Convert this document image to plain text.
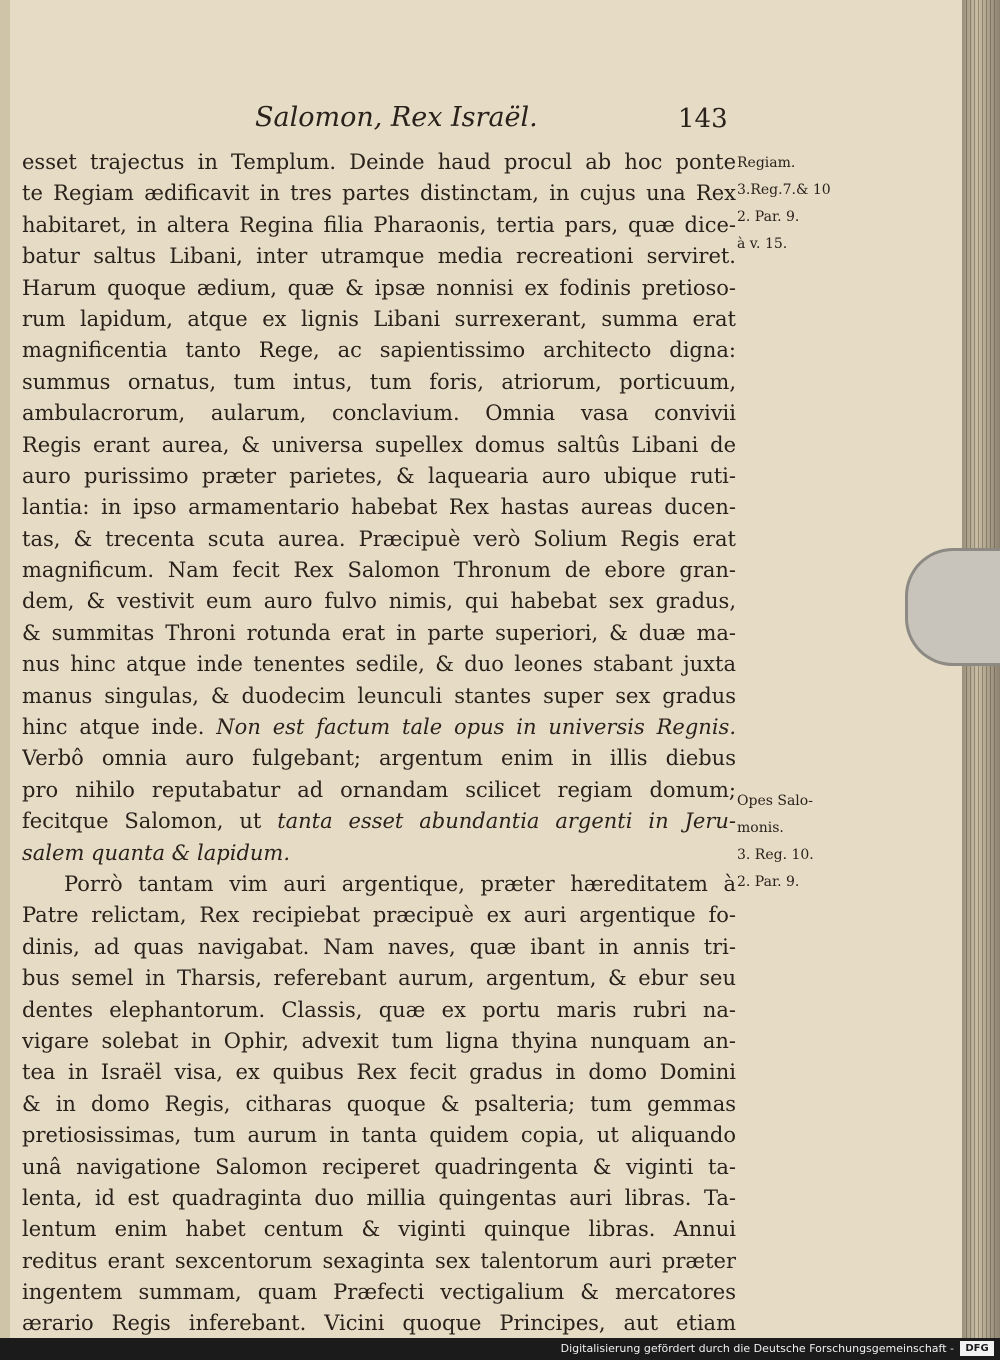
Salomon, Rex Israël.	143
esset trajectus in Templum. Deinde haud procul ab hoc ponte
te Regiam ædificavit in tres partes distinctam, in cujus una Rex
habitaret, in altera Regina filia Pharaonis, tertia pars, quæ dice-
batur saltus Libani, inter utramque media recreationi serviret.
Harum quoque ædium, quæ & ipsæ nonnisi ex fodinis pretioso-
rum lapidum, atque ex lignis Libani surrexerant, summa erat
magnificentia tanto Rege, ac sapientissimo architecto digna:
summus ornatus, tum intus, tum foris, atriorum, porticuum,
ambulacrorum, aularum, conclavium. Omnia vasa convivii
Regis erant aurea, & universa supellex domus saltûs Libani de
auro purissimo præter parietes, & laquearia auro ubique ruti-
lantia: in ipso armamentario habebat Rex hastas aureas ducen-
tas, & trecenta scuta aurea. Præcipuè verò Solium Regis erat
magnificum. Nam fecit Rex Salomon Thronum de ebore gran-
dem, & vestivit eum auro fulvo nimis, qui habebat sex gradus,
& summitas Throni rotunda erat in parte superiori, & duæ ma-
nus hinc atque inde tenentes sedile, & duo leones stabant juxta
manus singulas, & duodecim leunculi stantes super sex gradus
hinc atque inde. Non est factum tale opus in universis Regnis.
Verbô omnia auro fulgebant; argentum enim in illis diebus
pro nihilo reputabatur ad ornandam scilicet regiam domum;
fecitque Salomon, ut tanta esset abundantia argenti in Jeru-
salem quanta & lapidum.
Porrò tantam vim auri argentique, præter hæreditatem à
Patre relictam, Rex recipiebat præcipuè ex auri argentique fo-
dinis, ad quas navigabat. Nam naves, quæ ibant in annis tri-
bus semel in Tharsis, referebant aurum, argentum, & ebur seu
dentes elephantorum. Classis, quæ ex portu maris rubri na-
vigare solebat in Ophir, advexit tum ligna thyina nunquam an-
tea in Israël visa, ex quibus Rex fecit gradus in domo Domini
& in domo Regis, citharas quoque & psalteria; tum gemmas
pretiosissimas, tum aurum in tanta quidem copia, ut aliquando
unâ navigatione Salomon reciperet quadringenta & viginti ta-
lenta, id est quadraginta duo millia quingentas auri libras. Ta-
lentum enim habet centum & viginti quinque libras. Annui
reditus erant sexcentorum sexaginta sex talentorum auri præter
ingentem summam, quam Præfecti vectigalium & mercatores
ærario Regis inferebant. Vicini quoque Principes, aut etiam
Regiam.
3.Reg.7.& 10
2. Par. 9.
à v. 15.
Opes Salo-
monis.
3. Reg. 10.
2. Par. 9.
Digitalisierung gefördert durch die Deutsche Forschungsgemeinschaft -	DFG
